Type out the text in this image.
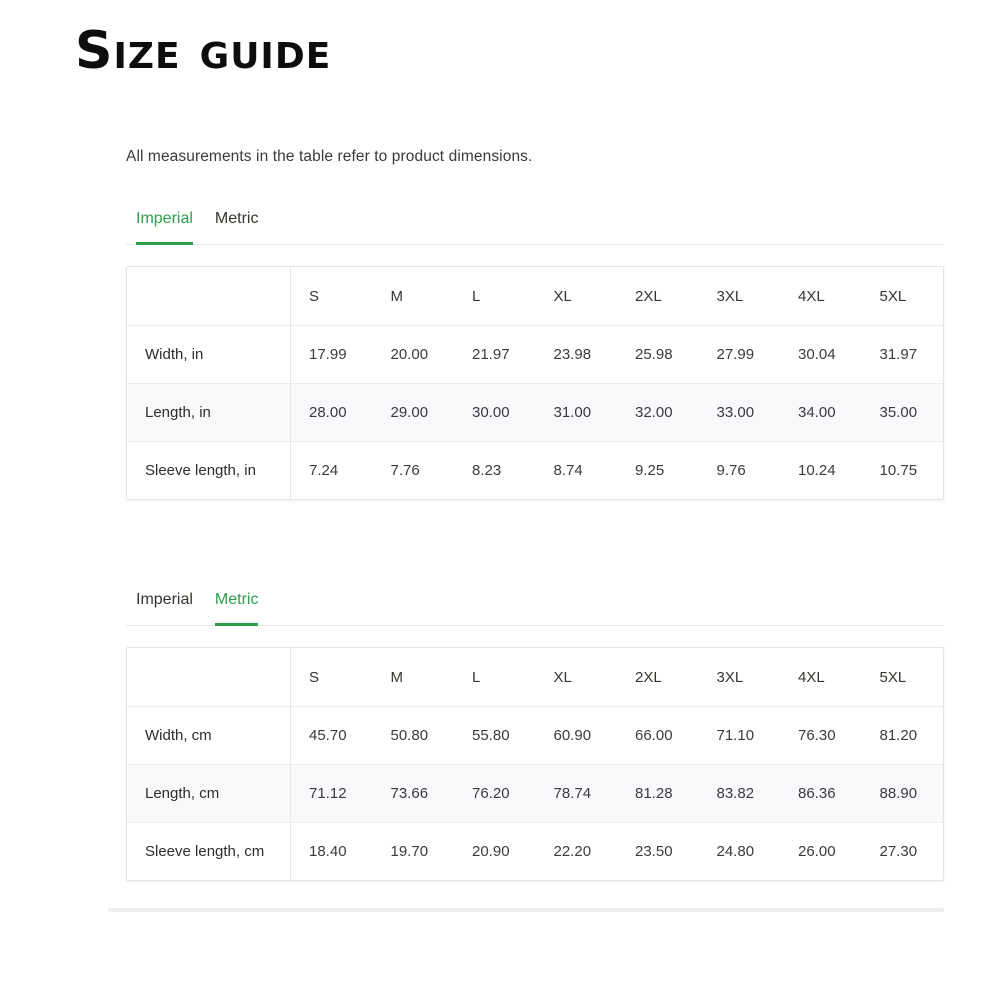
Size guide

All measurements in the table refer to product dimensions.

Imperial Metric
	S	M	L	XL	2XL	3XL	4XL	5XL
Width, in	17.99	20.00	21.97	23.98	25.98	27.99	30.04	31.97
Length, in	28.00	29.00	30.00	31.00	32.00	33.00	34.00	35.00
Sleeve length, in	7.24	7.76	8.23	8.74	9.25	9.76	10.24	10.75
Imperial Metric
	S	M	L	XL	2XL	3XL	4XL	5XL
Width, cm	45.70	50.80	55.80	60.90	66.00	71.10	76.30	81.20
Length, cm	71.12	73.66	76.20	78.74	81.28	83.82	86.36	88.90
Sleeve length, cm	18.40	19.70	20.90	22.20	23.50	24.80	26.00	27.30
